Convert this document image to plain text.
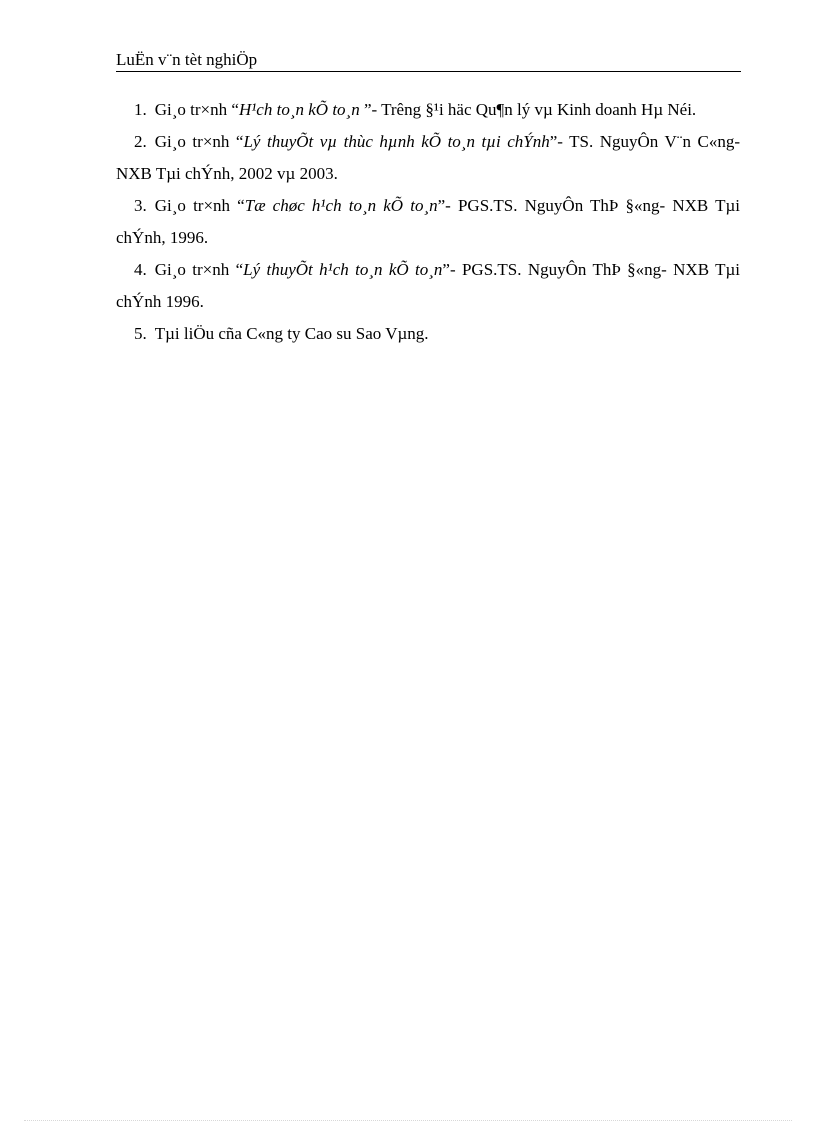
LuËn v¨n tèt nghiÖp
1. Gi¸o tr×nh “H¹ch to¸n kÕ to¸n ”- Trêng §¹i häc Qu¶n lý vµ Kinh doanh Hµ Néi.
2. Gi¸o tr×nh “Lý thuyÕt vµ thùc hµnh kÕ to¸n tµi chÝnh”- TS. NguyÔn V¨n C«ng- NXB Tµi chÝnh, 2002 vµ 2003.
3. Gi¸o tr×nh “Tæ chøc h¹ch to¸n kÕ to¸n”- PGS.TS. NguyÔn ThÞ §«ng- NXB Tµi chÝnh, 1996.
4. Gi¸o tr×nh “Lý thuyÕt h¹ch to¸n kÕ to¸n”- PGS.TS. NguyÔn ThÞ §«ng- NXB Tµi chÝnh 1996.
5. Tµi liÖu cña C«ng ty Cao su Sao Vµng.
